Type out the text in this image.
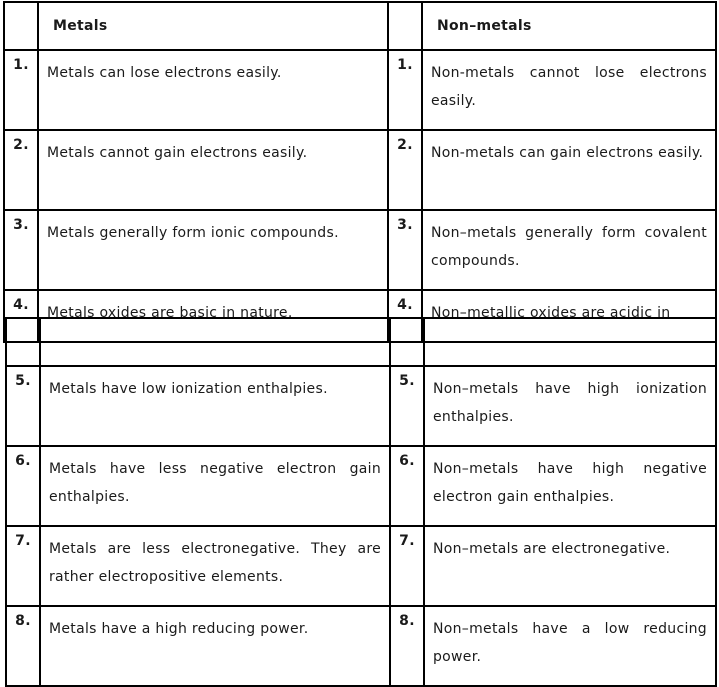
	Metals		Non–metals
1.	Metals can lose electrons easily.	1.	Non-metals cannot lose electrons easily.
2.	Metals cannot gain electrons easily.	2.	Non-metals can gain electrons easily.
3.	Metals generally form ionic compounds.	3.	Non–metals generally form covalent compounds.
4.	Metals oxides are basic in nature.	4.	Non–metallic oxides are acidic in

5.	Metals have low ionization enthalpies.	5.	Non–metals have high ionization enthalpies.
6.	Metals have less negative electron gain enthalpies.	6.	Non–metals have high negative electron gain enthalpies.
7.	Metals are less electronegative. They are rather electropositive elements.	7.	Non–metals are electronegative.
8.	Metals have a high reducing power.	8.	Non–metals have a low reducing power.
